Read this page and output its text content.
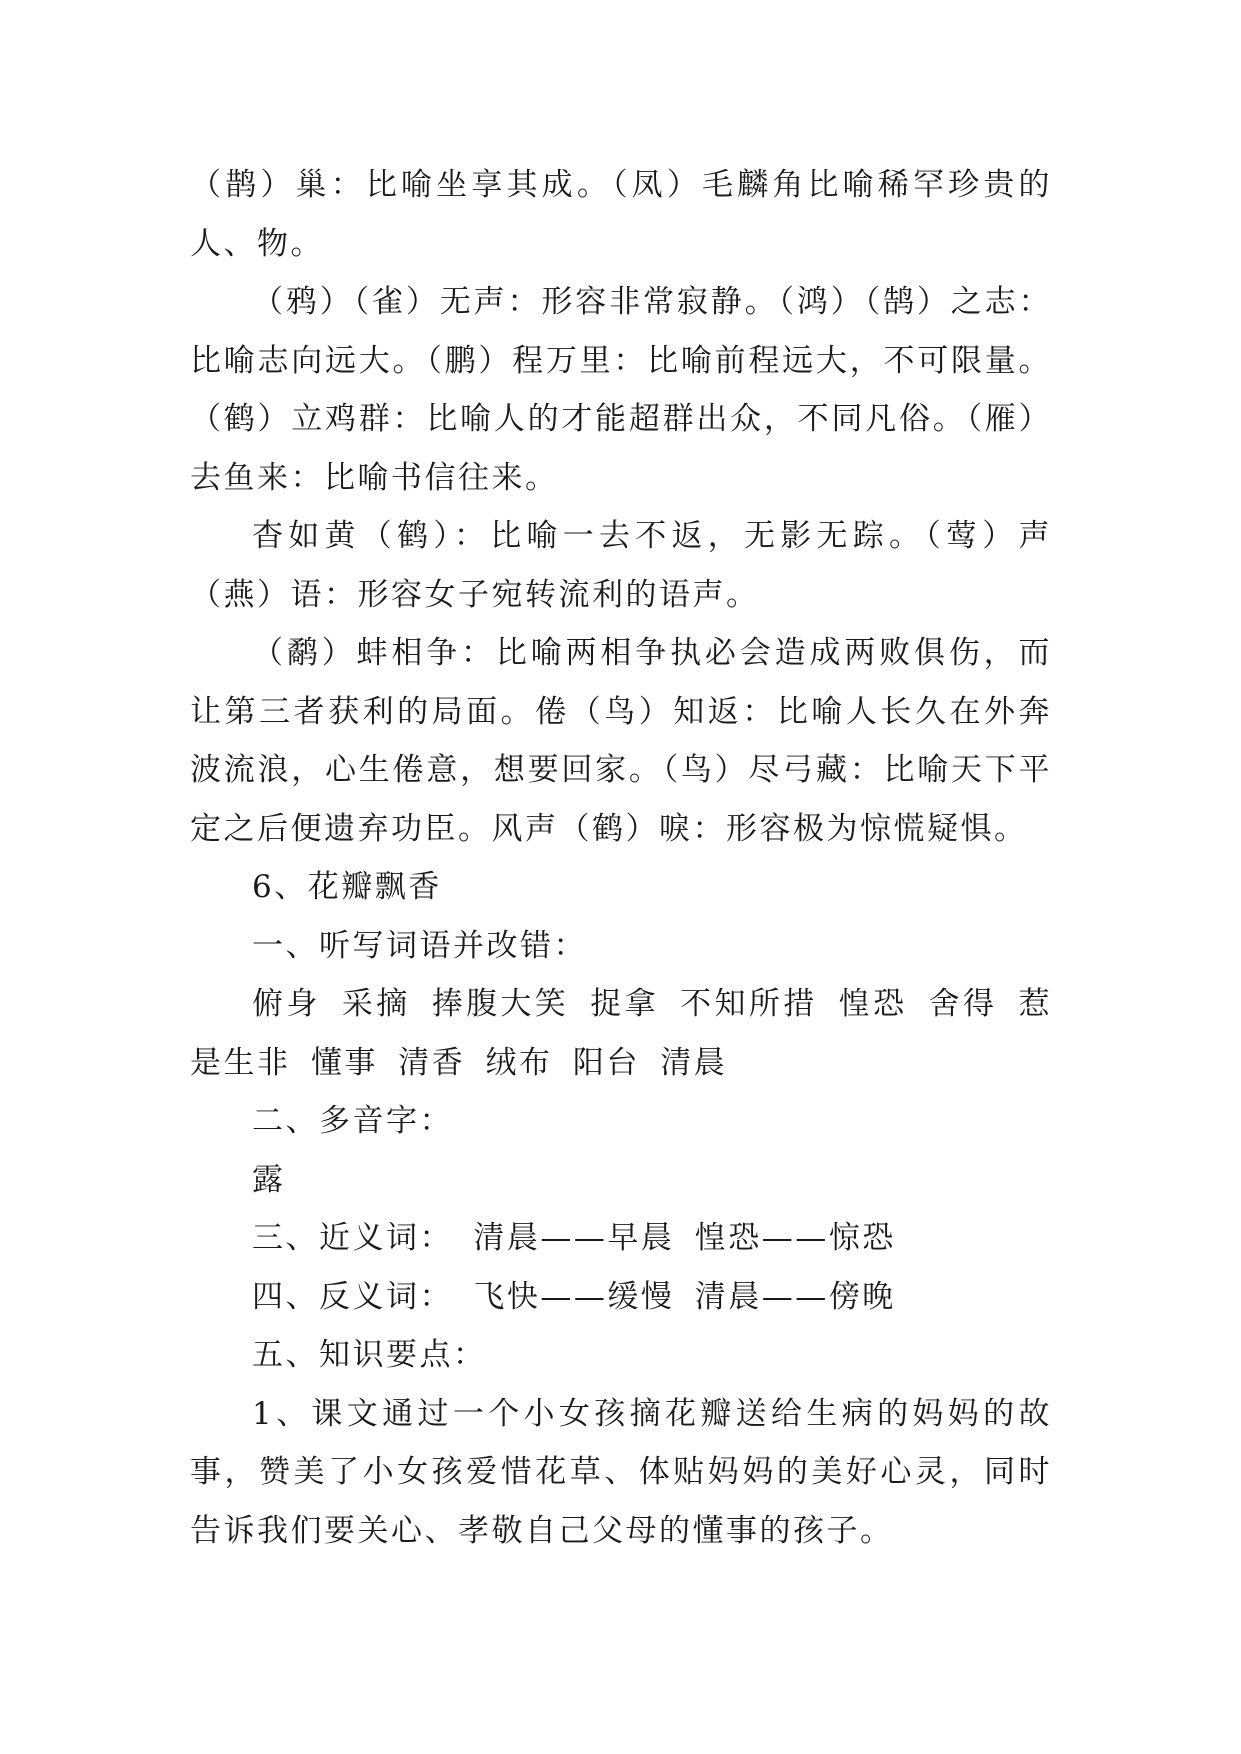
（鹊）巢：比喻坐享其成。（凤）毛麟角比喻稀罕珍贵的人、物。

（鸦）（雀）无声：形容非常寂静。（鸿）（鹄）之志：比喻志向远大。（鹏）程万里：比喻前程远大，不可限量。（鹤）立鸡群：比喻人的才能超群出众，不同凡俗。（雁）去鱼来：比喻书信往来。

杳如黄（鹤）：比喻一去不返，无影无踪。（莺）声（燕）语：形容女子宛转流利的语声。

（鹬）蚌相争：比喻两相争执必会造成两败俱伤，而让第三者获利的局面。倦（鸟）知返：比喻人长久在外奔波流浪，心生倦意，想要回家。（鸟）尽弓藏：比喻天下平定之后便遗弃功臣。风声（鹤）唳：形容极为惊慌疑惧。

6、花瓣飘香

一、听写词语并改错：

俯身 采摘 捧腹大笑 捉拿 不知所措 惶恐 舍得 惹是生非 懂事 清香 绒布 阳台 清晨

二、多音字：

露

三、近义词： 清晨——早晨 惶恐——惊恐

四、反义词： 飞快——缓慢 清晨——傍晚

五、知识要点：

1、课文通过一个小女孩摘花瓣送给生病的妈妈的故事，赞美了小女孩爱惜花草、体贴妈妈的美好心灵，同时告诉我们要关心、孝敬自己父母的懂事的孩子。
